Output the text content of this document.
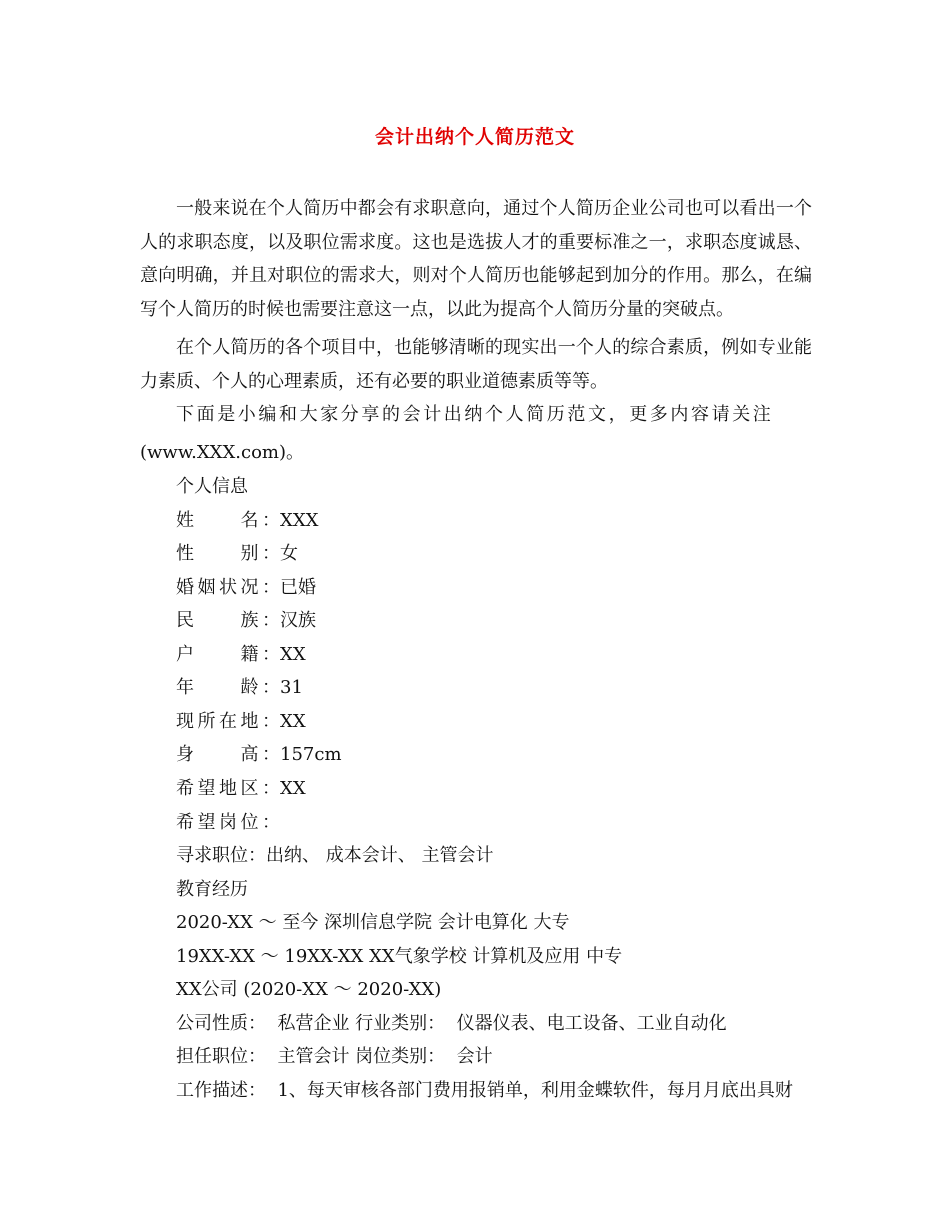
会计出纳个人简历范文

一般来说在个人简历中都会有求职意向，通过个人简历企业公司也可以看出一个人的求职态度，以及职位需求度。这也是选拔人才的重要标准之一，求职态度诚恳、意向明确，并且对职位的需求大，则对个人简历也能够起到加分的作用。那么，在编写个人简历的时候也需要注意这一点，以此为提高个人简历分量的突破点。

在个人简历的各个项目中，也能够清晰的现实出一个人的综合素质，例如专业能力素质、个人的心理素质，还有必要的职业道德素质等等。

下面是小编和大家分享的会计出纳个人简历范文，更多内容请关注

(www.XXX.com)。

个人信息

姓　　名：XXX

性　　别：女

婚姻状况：已婚

民　　族：汉族

户　　籍：XX

年　　龄：31

现所在地：XX

身　　高：157cm

希望地区：XX

希望岗位：

寻求职位：出纳、 成本会计、 主管会计

教育经历

2020-XX ～ 至今 深圳信息学院 会计电算化 大专

19XX-XX ～ 19XX-XX XX气象学校 计算机及应用 中专

XX公司 (2020-XX ～ 2020-XX)

公司性质：  私营企业 行业类别：  仪器仪表、电工设备、工业自动化

担任职位：  主管会计 岗位类别：  会计

工作描述：  1、每天审核各部门费用报销单，利用金蝶软件，每月月底出具财
